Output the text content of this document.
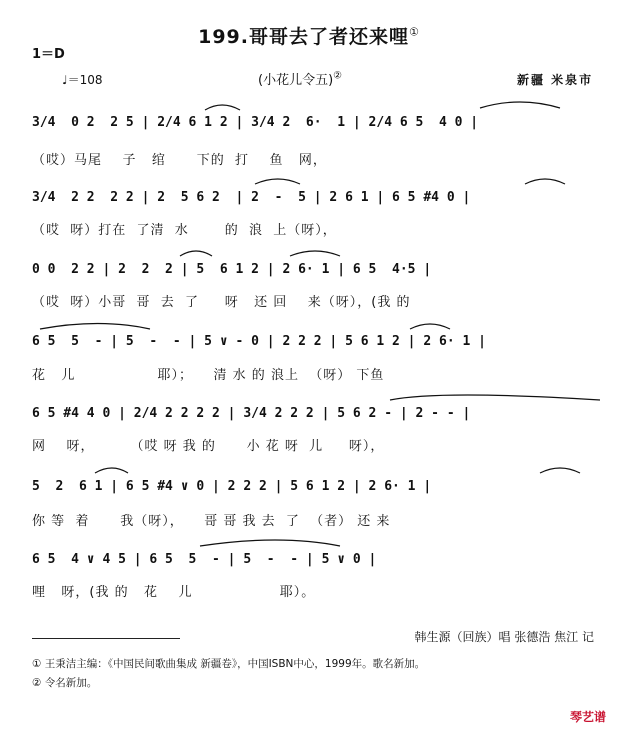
199.哥哥去了者还来哩①
1＝D
♩＝108	(小花儿令五)②	新疆 米泉市
3/4  0 2  2 5 | 2/4 6 1 2 | 3/4 2  6·  1 | 2/4 6 5  4 0 |
（哎）马尾    子   绾      下的  打    鱼   网，
3/4  2 2  2 2 | 2  5 6 2  | 2  -  5 | 2 6 1 | 6 5 #4 0 |
（哎  呀）打在  了清  水       的  浪  上（呀），
0 0  2 2 | 2  2  2 | 5  6 1 2 | 2 6· 1 | 6 5  4·5 |
（哎  呀）小哥  哥  去  了     呀   还 回    来（呀），(我 的
6 5  5  - | 5  -  - | 5 ∨ - 0 | 2 2 2 | 5 6 1 2 | 2 6· 1 |
花   儿                耶）；    清 水 的 浪上  （呀） 下鱼
6 5 #4 4 0 | 2/4 2 2 2 2 | 3/4 2 2 2 | 5 6 2 - | 2 - - |
网    呀，       （哎 呀 我 的      小 花 呀  儿     呀），
5  2  6 1 | 6 5 #4 ∨ 0 | 2 2 2 | 5 6 1 2 | 2 6· 1 |
你 等  着      我（呀），    哥 哥 我 去  了  （者） 还 来
6 5  4 ∨ 4 5 | 6 5  5  - | 5  -  - | 5 ∨ 0 |
哩   呀，(我 的   花    儿                 耶）。
韩生源（回族）唱 张德浩 焦江 记
① 王秉洁主编：《中国民间歌曲集成 新疆卷》，中国ISBN中心，1999年。歌名新加。
② 令名新加。
琴艺谱
